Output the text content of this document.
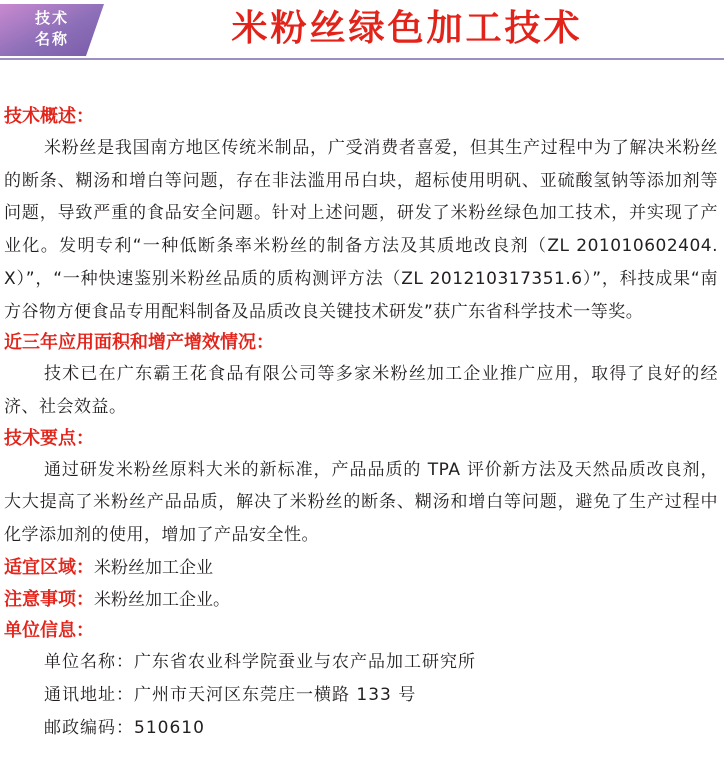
技术
名称	米粉丝绿色加工技术
技术概述：
米粉丝是我国南方地区传统米制品，广受消费者喜爱，但其生产过程中为了解决米粉丝的断条、糊汤和增白等问题，存在非法滥用吊白块，超标使用明矾、亚硫酸氢钠等添加剂等问题，导致严重的食品安全问题。针对上述问题，研发了米粉丝绿色加工技术，并实现了产业化。发明专利“一种低断条率米粉丝的制备方法及其质地改良剂（ZL 201010602404. X）”，“一种快速鉴别米粉丝品质的质构测评方法（ZL 201210317351.6）”，科技成果“南方谷物方便食品专用配料制备及品质改良关键技术研发”获广东省科学技术一等奖。
近三年应用面积和增产增效情况：
技术已在广东霸王花食品有限公司等多家米粉丝加工企业推广应用，取得了良好的经济、社会效益。
技术要点：
通过研发米粉丝原料大米的新标准，产品品质的 TPA 评价新方法及天然品质改良剂，大大提高了米粉丝产品品质，解决了米粉丝的断条、糊汤和增白等问题，避免了生产过程中化学添加剂的使用，增加了产品安全性。
适宜区域：米粉丝加工企业
注意事项：米粉丝加工企业。
单位信息：
单位名称：广东省农业科学院蚕业与农产品加工研究所
通讯地址：广州市天河区东莞庄一横路 133 号
邮政编码：510610
